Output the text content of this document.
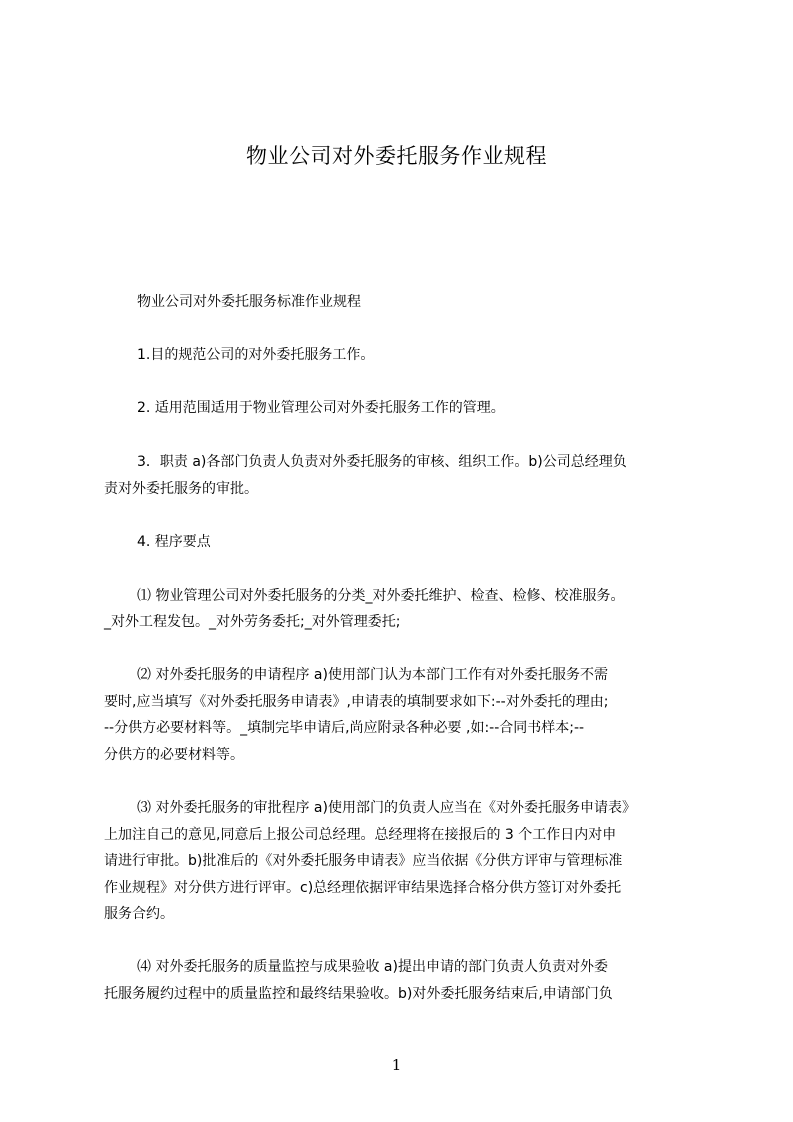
物业公司对外委托服务作业规程
物业公司对外委托服务标准作业规程
1.目的规范公司的对外委托服务工作。
2. 适用范围适用于物业管理公司对外委托服务工作的管理。
3．职责 a)各部门负责人负责对外委托服务的审核、组织工作。b)公司总经理负
责对外委托服务的审批。
4. 程序要点
⑴ 物业管理公司对外委托服务的分类_对外委托维护、检查、检修、校准服务。
_对外工程发包。_对外劳务委托;_对外管理委托;
⑵ 对外委托服务的申请程序 a)使用部门认为本部门工作有对外委托服务不需
要时,应当填写《对外委托服务申请表》,申请表的填制要求如下:--对外委托的理由;
--分供方必要材料等。_填制完毕申请后,尚应附录各种必要 ,如:--合同书样本;--
分供方的必要材料等。
⑶ 对外委托服务的审批程序 a)使用部门的负责人应当在《对外委托服务申请表》
上加注自己的意见,同意后上报公司总经理。总经理将在接报后的 3 个工作日内对申
请进行审批。b)批准后的《对外委托服务申请表》应当依据《分供方评审与管理标准
作业规程》对分供方进行评审。c)总经理依据评审结果选择合格分供方签订对外委托
服务合约。
⑷ 对外委托服务的质量监控与成果验收 a)提出申请的部门负责人负责对外委
托服务履约过程中的质量监控和最终结果验收。b)对外委托服务结束后,申请部门负
1
